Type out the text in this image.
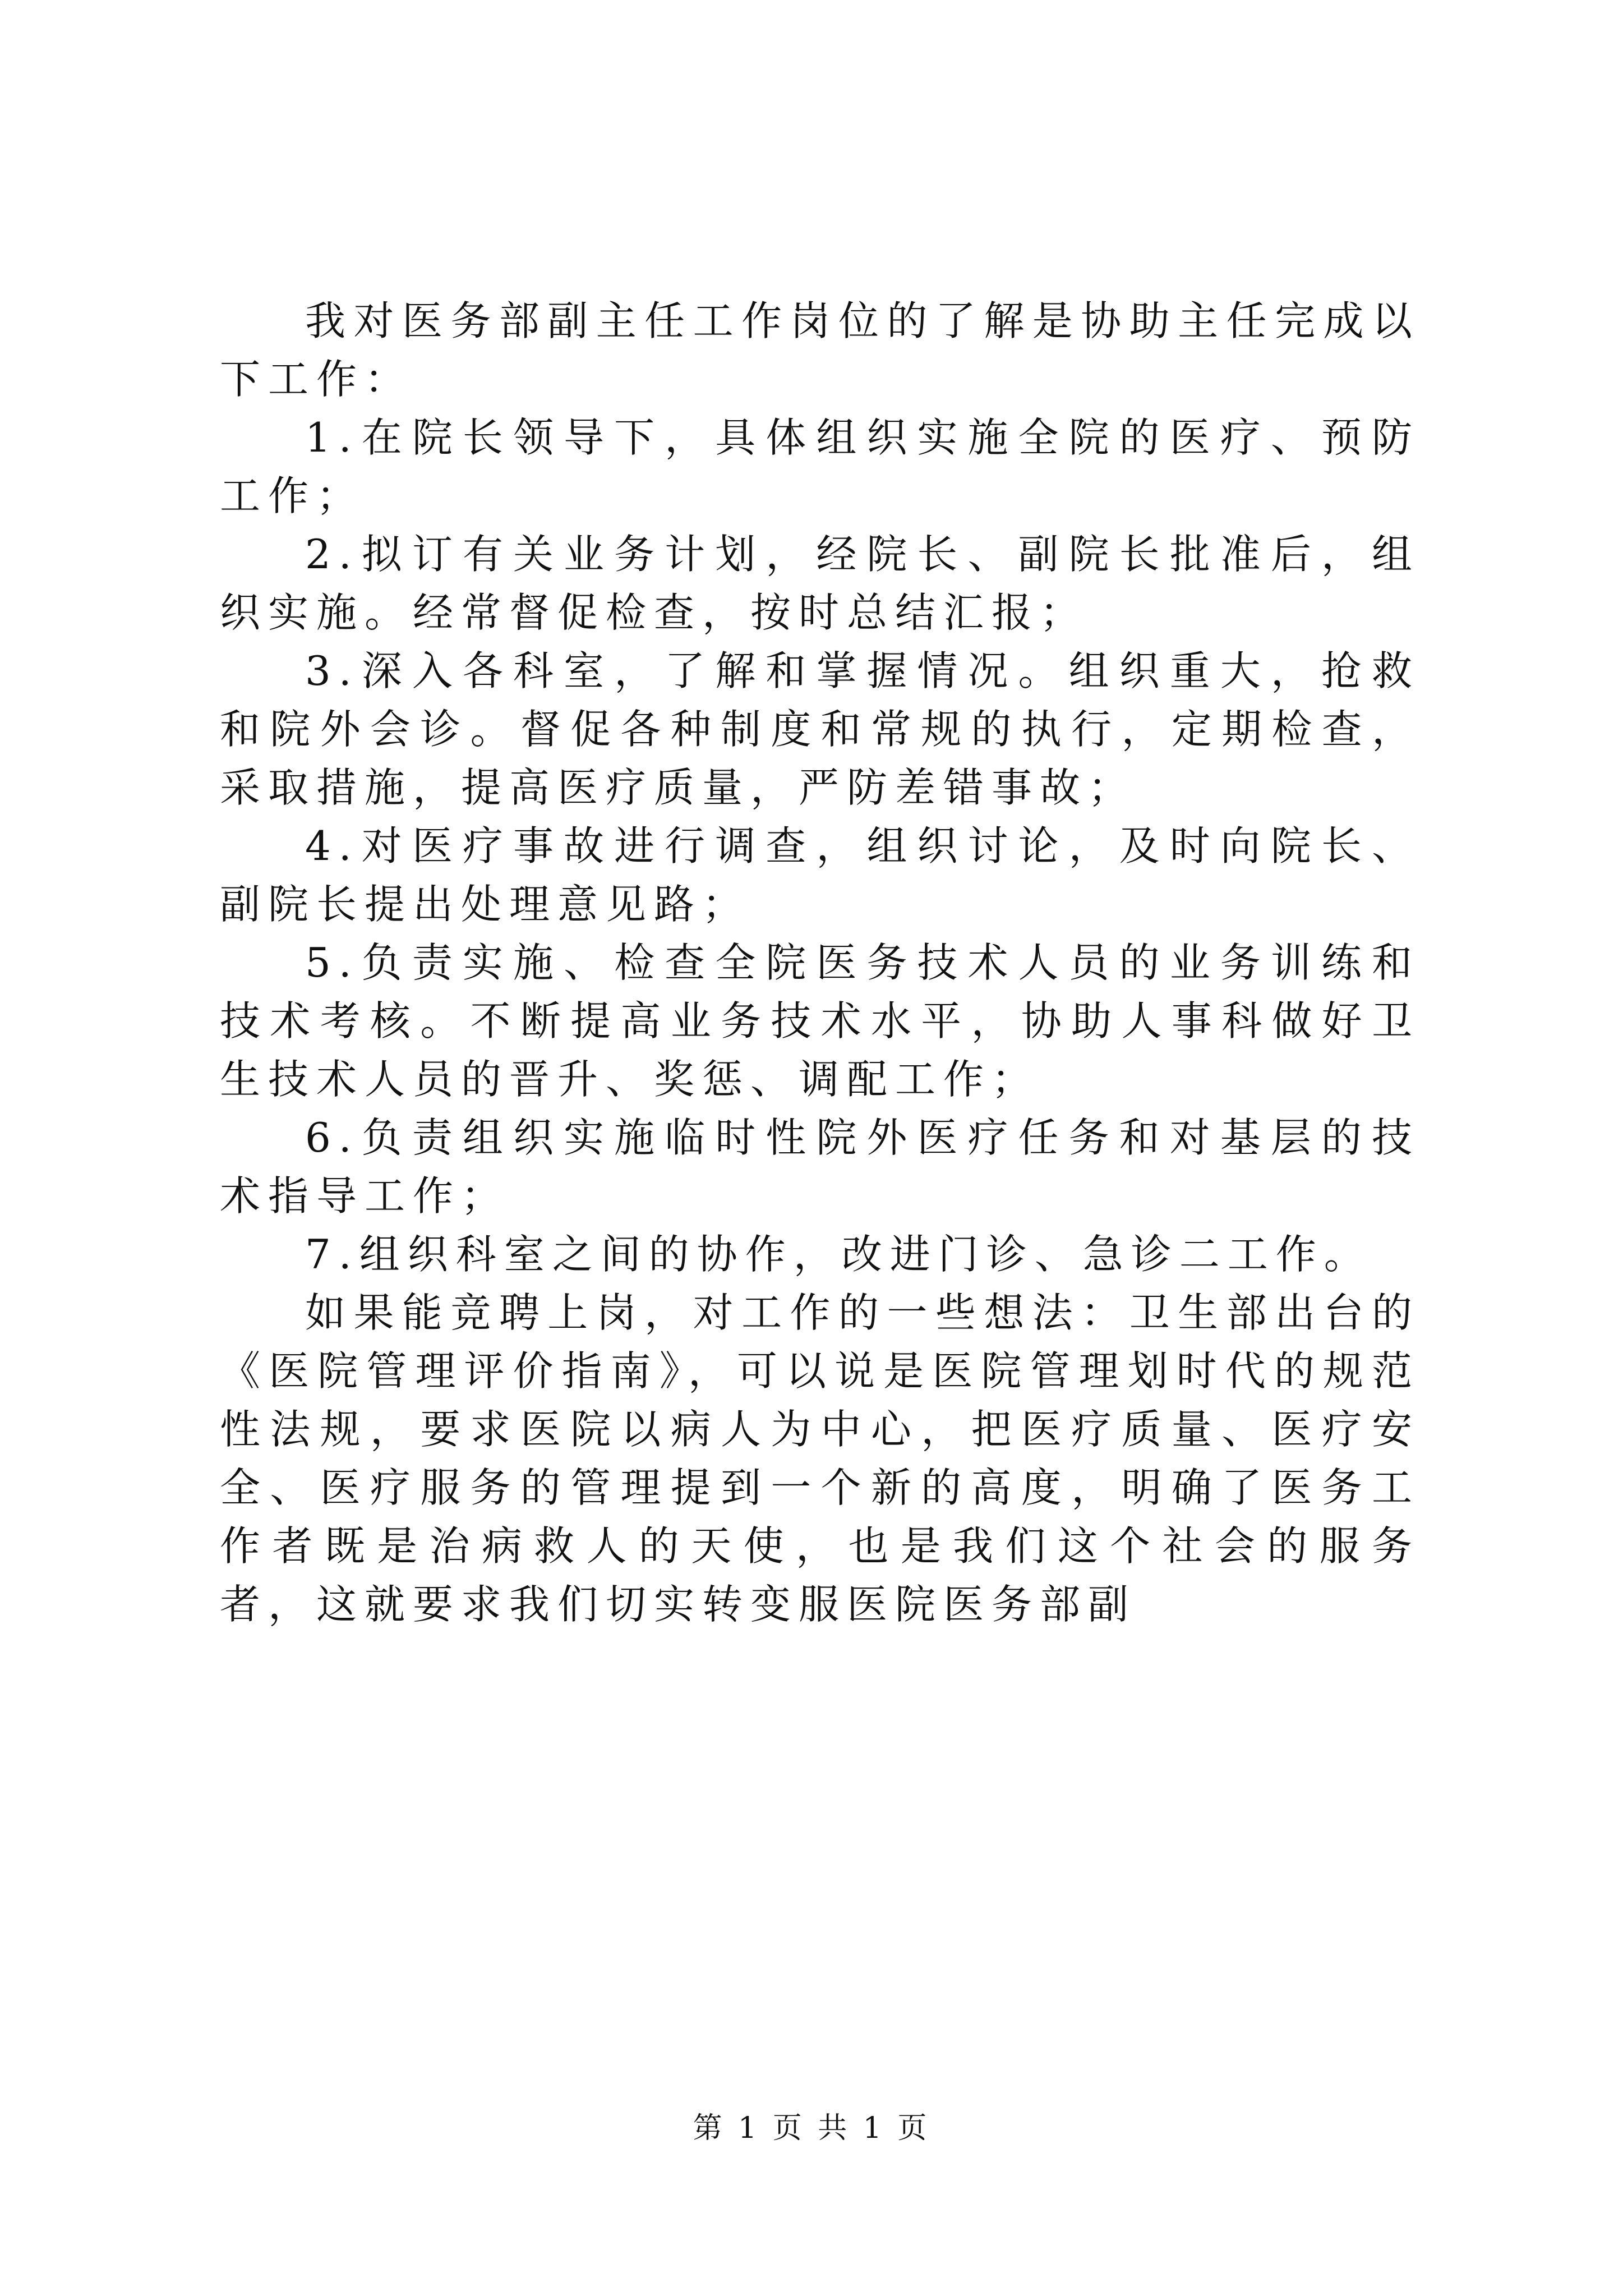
我对医务部副主任工作岗位的了解是协助主任完成以下工作：

1.在院长领导下，具体组织实施全院的医疗、预防工作；

2.拟订有关业务计划，经院长、副院长批准后，组织实施。经常督促检查，按时总结汇报；

3.深入各科室，了解和掌握情况。组织重大，抢救和院外会诊。督促各种制度和常规的执行，定期检查，采取措施，提高医疗质量，严防差错事故；

4.对医疗事故进行调查，组织讨论，及时向院长、副院长提出处理意见路；

5.负责实施、检查全院医务技术人员的业务训练和技术考核。不断提高业务技术水平，协助人事科做好卫生技术人员的晋升、奖惩、调配工作；

6.负责组织实施临时性院外医疗任务和对基层的技术指导工作；

7.组织科室之间的协作，改进门诊、急诊二工作。

如果能竞聘上岗，对工作的一些想法：卫生部出台的《医院管理评价指南》，可以说是医院管理划时代的规范性法规，要求医院以病人为中心，把医疗质量、医疗安全、医疗服务的管理提到一个新的高度，明确了医务工作者既是治病救人的天使，也是我们这个社会的服务者，这就要求我们切实转变服医院医务部副

第 1 页 共 1 页
